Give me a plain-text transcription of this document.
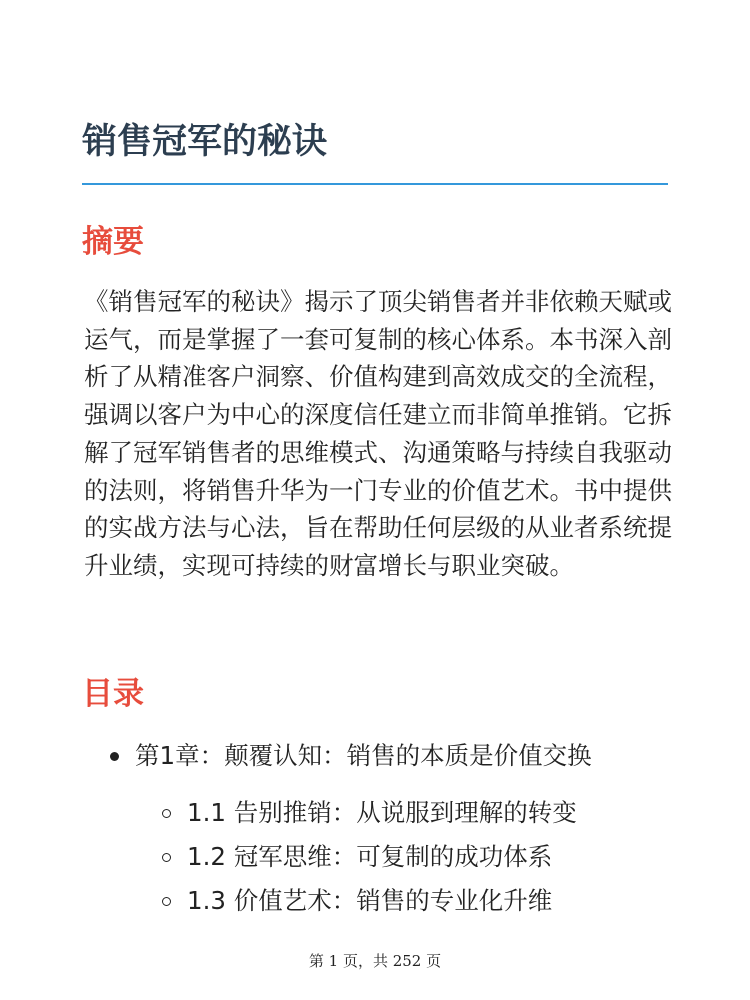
销售冠军的秘诀
摘要

《销售冠军的秘诀》揭示了顶尖销售者并非依赖天赋或运气，而是掌握了一套可复制的核心体系。本书深入剖析了从精准客户洞察、价值构建到高效成交的全流程，强调以客户为中心的深度信任建立而非简单推销。它拆解了冠军销售者的思维模式、沟通策略与持续自我驱动的法则，将销售升华为一门专业的价值艺术。书中提供的实战方法与心法，旨在帮助任何层级的从业者系统提升业绩，实现可持续的财富增长与职业突破。

目录
第1章：颠覆认知：销售的本质是价值交换
1.1 告别推销：从说服到理解的转变
1.2 冠军思维：可复制的成功体系
1.3 价值艺术：销售的专业化升维
第 1 页，共 252 页
